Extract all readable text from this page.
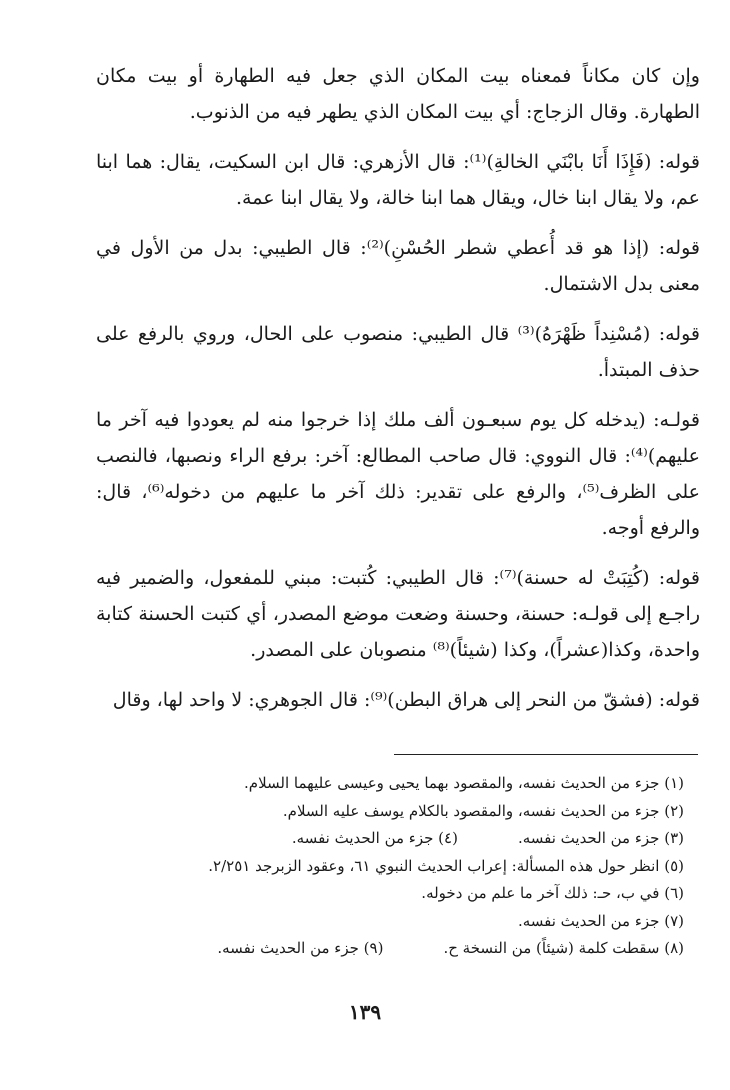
وإن كان مكاناً فمعناه بيت المكان الذي جعل فيه الطهارة أو بيت مكان الطهارة. وقال الزجاج: أي بيت المكان الذي يطهر فيه من الذنوب.

قوله: (فَإِذَا أَنَا بابْنَي الخالةِ)⁽¹⁾: قال الأزهري: قال ابن السكيت، يقال: هما ابنا عم، ولا يقال ابنا خال، ويقال هما ابنا خالة، ولا يقال ابنا عمة.

قوله: (إذا هو قد أُعطي شطر الحُسْنِ)⁽²⁾: قال الطيبي: بدل من الأول في معنى بدل الاشتمال.

قوله: (مُسْنِداً ظَهْرَهُ)⁽³⁾ قال الطيبي: منصوب على الحال، وروي بالرفع على حذف المبتدأ.

قولـه: (يدخله كل يوم سبعـون ألف ملك إذا خرجوا منه لم يعودوا فيه آخر ما عليهم)⁽⁴⁾: قال النووي: قال صاحب المطالع: آخر: برفع الراء ونصبها، فالنصب على الظرف⁽⁵⁾، والرفع على تقدير: ذلك آخر ما عليهم من دخوله⁽⁶⁾، قال: والرفع أوجه.

قوله: (كُتِبَتْ له حسنة)⁽⁷⁾: قال الطيبي: كُتبت: مبني للمفعول، والضمير فيه راجـع إلى قولـه: حسنة، وحسنة وضعت موضع المصدر، أي كتبت الحسنة كتابة واحدة، وكذا(عشراً)، وكذا (شيئاً)⁽⁸⁾ منصوبان على المصدر.

قوله: (فشقّ من النحر إلى هراق البطن)⁽⁹⁾: قال الجوهري: لا واحد لها، وقال

(١) جزء من الحديث نفسه، والمقصود بهما يحيى وعيسى عليهما السلام.

(٢) جزء من الحديث نفسه، والمقصود بالكلام يوسف عليه السلام.

(٣) جزء من الحديث نفسه.(٤) جزء من الحديث نفسه.

(٥) انظر حول هذه المسألة: إعراب الحديث النبوي ٦١، وعقود الزبرجد ٢/٢٥١.

(٦) في ب، حـ: ذلك آخر ما علم من دخوله.

(٧) جزء من الحديث نفسه.

(٨) سقطت كلمة (شيئاً) من النسخة ح.(٩) جزء من الحديث نفسه.

١٣٩
